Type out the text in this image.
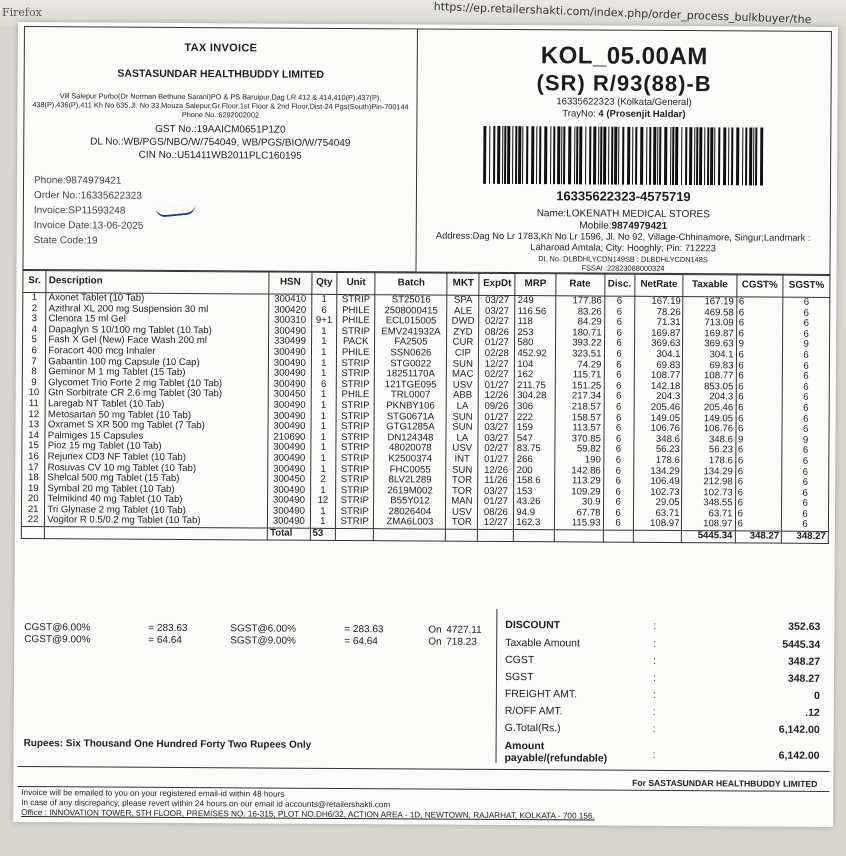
Firefox	https://ep.retailershakti.com/index.php/order_process_bulkbuyer/the
TAX INVOICE
SASTASUNDAR HEALTHBUDDY LIMITED
Vill Salepur Purbo(Dr Norman Bethune Sarani)PO & PS Baruipur,Dag LR 412 & 414,410(P),437(P), 438(P),436(P),411 Kh No 635,Jl. No 33,Mouza Salepur,Gr.Floor,1st Floor & 2nd Floor,Dist-24 Pgs(South)Pin-700144 Phone No.:6292002002
GST No.:19AAICM0651P1Z0
DL No.:WB/PGS/NBO/W/754049, WB/PGS/BIO/W/754049
CIN No.:U51411WB2011PLC160195
Phone:9874979421
Order No.:16335622323
Invoice:SP11593248
Invoice Date:13-06-2025
State Code:19
KOL_05.00AM
(SR) R/93(88)-B
16335622323 (Kolkata/General)
TrayNo: 4 (Prosenjit Haldar)
16335622323-4575719
Name:LOKENATH MEDICAL STORES
Mobile:9874979421
Address:Dag No Lr 1783,Kh No Lr 1596, Jl. No 92, Village-Chhinamore, Singur;Landmark : Laharoad Amtala; City: Hooghly; Pin: 712223
DL No.:DLBDHLYCDN149SB : DLBDHLYCDN148S
FSSAI :22823088000324
Sr.	Description	HSN	Qty	Unit	Batch	MKT	ExpDt	MRP	Rate	Disc.	NetRate	Taxable	CGST%	SGST%
1	Axonet Tablet (10 Tab)	300410	1	STRIP	ST25016	SPA	03/27	249	177.86	6	167.19	167.19	6	6
2	Azithral XL 200 mg Suspension 30 ml	300420	6	PHILE	2508000415	ALE	03/27	116.56	83.26	6	78.26	469.58	6	6
3	Clenora 15 ml Gel	300310	9+1	PHILE	ECL015005	DWD	02/27	118	84.29	6	71.31	713.09	6	6
4	Dapaglyn S 10/100 mg Tablet (10 Tab)	300490	1	STRIP	EMV241932A	ZYD	08/26	253	180.71	6	169.87	169.87	6	6
5	Fash X Gel (New) Face Wash 200 ml	330499	1	PACK	FA2505	CUR	01/27	580	393.22	6	369.63	369.63	9	9
6	Foracort 400 mcg Inhaler	300490	1	PHILE	SSN0626	CIP	02/28	452.92	323.51	6	304.1	304.1	6	6
7	Gabantin 100 mg Capsule (10 Cap)	300490	1	STRIP	STG0022	SUN	12/27	104	74.29	6	69.83	69.83	6	6
8	Geminor M 1 mg Tablet (15 Tab)	300490	1	STRIP	18251170A	MAC	02/27	162	115.71	6	108.77	108.77	6	6
9	Glycomet Trio Forte 2 mg Tablet (10 Tab)	300490	6	STRIP	121TGE095	USV	01/27	211.75	151.25	6	142.18	853.05	6	6
10	Gtn Sorbitrate CR 2.6 mg Tablet (30 Tab)	300450	1	PHILE	TRL0007	ABB	12/26	304.28	217.34	6	204.3	204.3	6	6
11	Laregab NT Tablet (10 Tab)	300490	1	STRIP	PKNBY106	LA	09/26	306	218.57	6	205.46	205.46	6	6
12	Metosartan 50 mg Tablet (10 Tab)	300490	1	STRIP	STG0671A	SUN	01/27	222	158.57	6	149.05	149.05	6	6
13	Oxramet S XR 500 mg Tablet (7 Tab)	300490	1	STRIP	GTG1285A	SUN	03/27	159	113.57	6	106.76	106.76	6	6
14	Palmiges 15 Capsules	210690	1	STRIP	DN124348	LA	03/27	547	370.85	6	348.6	348.6	9	9
15	Pioz 15 mg Tablet (10 Tab)	300490	1	STRIP	48020078	USV	02/27	83.75	59.82	6	56.23	56.23	6	6
16	Rejunex CD3 NF Tablet (10 Tab)	300490	1	STRIP	K2500374	INT	01/27	266	190	6	178.6	178.6	6	6
17	Rosuvas CV 10 mg Tablet (10 Tab)	300490	1	STRIP	FHC0055	SUN	12/26	200	142.86	6	134.29	134.29	6	6
18	Shelcal 500 mg Tablet (15 Tab)	300450	2	STRIP	8LV2L289	TOR	11/26	158.6	113.29	6	106.49	212.98	6	6
19	Symbal 20 mg Tablet (10 Tab)	300490	1	STRIP	2619M002	TOR	03/27	153	109.29	6	102.73	102.73	6	6
20	Telmikind 40 mg Tablet (10 Tab)	300490	12	STRIP	B55Y012	MAN	01/27	43.26	30.9	6	29.05	348.55	6	6
21	Tri Glynase 2 mg Tablet (10 Tab)	300490	1	STRIP	28026404	USV	08/26	94.9	67.78	6	63.71	63.71	6	6
22	Vogitor R 0.5/0.2 mg Tablet (10 Tab)	300490	1	STRIP	ZMA6L003	TOR	12/27	162.3	115.93	6	108.97	108.97	6	6
		Total	53									5445.34	348.27	348.27
CGST@6.00%	= 283.63	SGST@6.00%	= 283.63	On 4727.11
CGST@9.00%	= 64.64	SGST@9.00%	= 64.64	On 718.23
DISCOUNT	:	352.63
Taxable Amount	:	5445.34
CGST	:	348.27
SGST	:	348.27
FREIGHT AMT.	:	0
R/OFF AMT.	:	.12
G.Total(Rs.)	:	6,142.00
Amount payable/(refundable)	:	6,142.00
Rupees: Six Thousand One Hundred Forty Two Rupees Only
For SASTASUNDAR HEALTHBUDDY LIMITED
Invoice will be emailed to you on your registered email-id within 48 hours
In case of any discrepancy, please revert within 24 hours on our email id accounts@retailershakti.com
Office : INNOVATION TOWER, 5TH FLOOR, PREMISES NO. 16-315, PLOT NO.DH6/32, ACTION AREA - 1D, NEWTOWN, RAJARHAT, KOLKATA - 700 156.
